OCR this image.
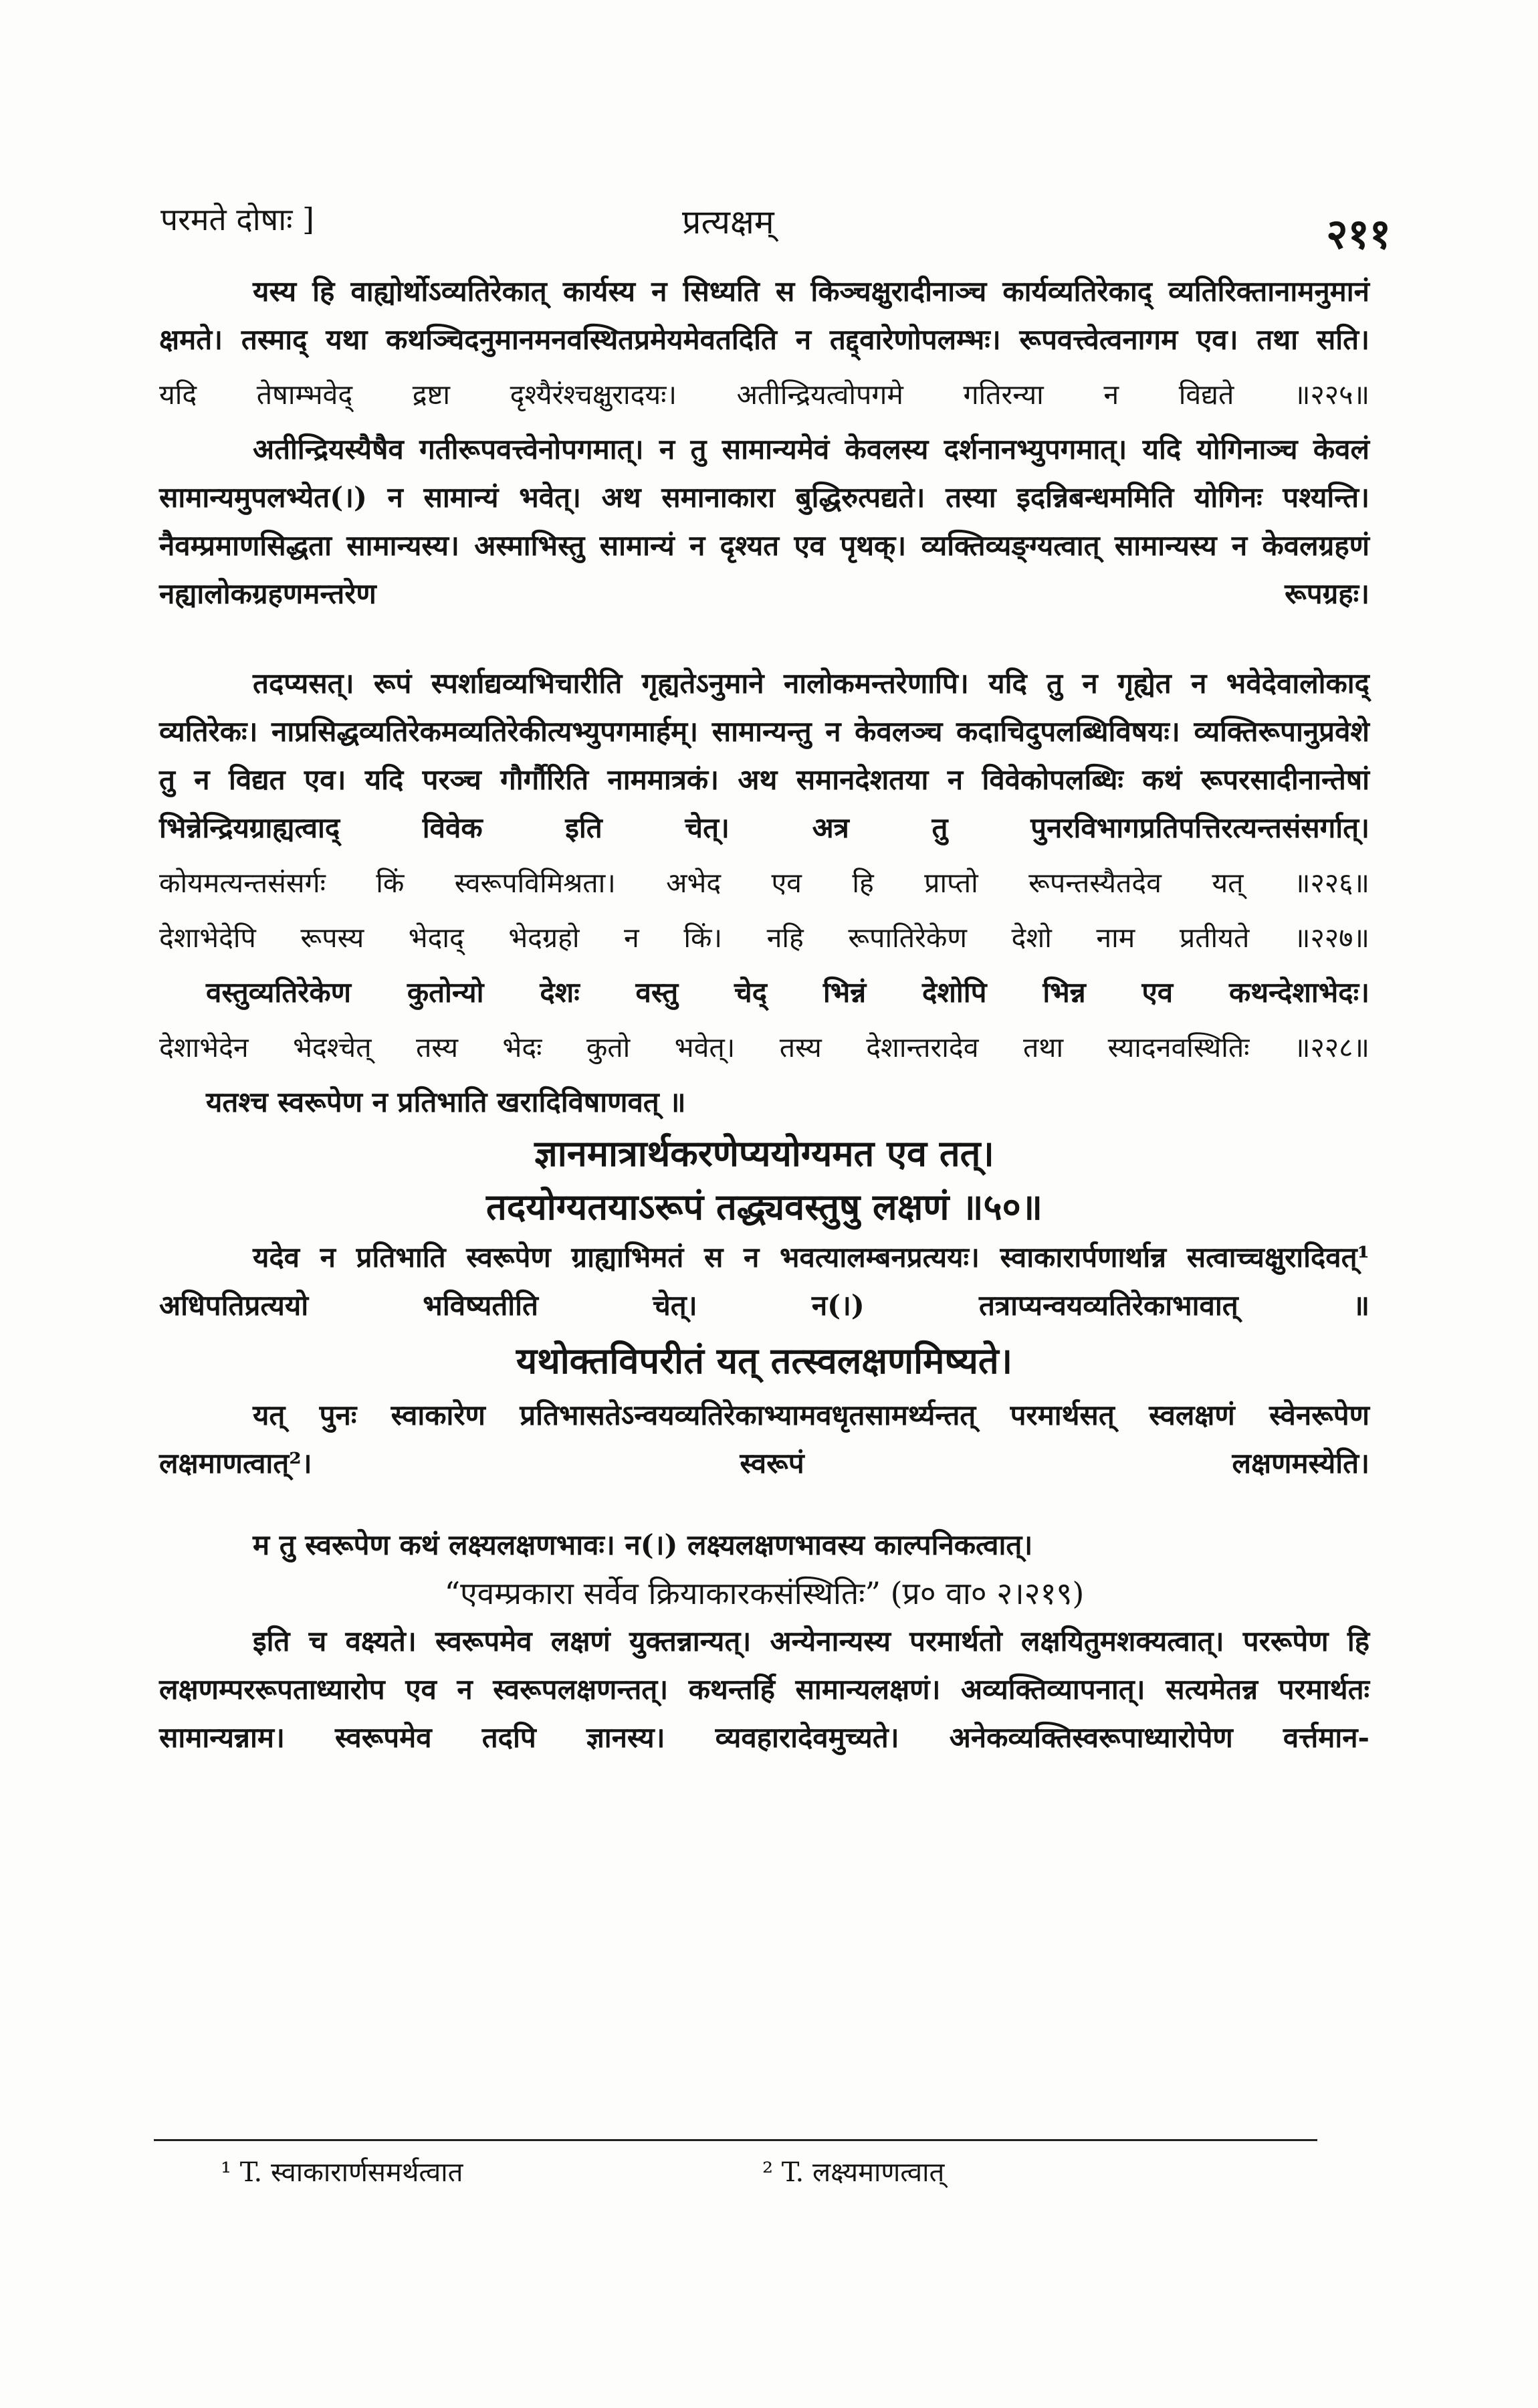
परमते दोषाः ]	प्रत्यक्षम्	२११

यस्य हि वाह्योर्थोऽव्यतिरेकात् कार्यस्य न सिध्यति स किञ्चक्षुरादीनाञ्च कार्यव्यतिरेकाद् व्यतिरिक्तानामनुमानं क्षमते। तस्माद् यथा कथञ्चिदनुमानमनवस्थितप्रमेयमेवतदिति न तद्द्वारेणोपलम्भः। रूपवत्त्वेत्वनागम एव। तथा सति।

यदि तेषाम्भवेद् द्रष्टा दृश्यैरंश्चक्षुरादयः। अतीन्द्रियत्वोपगमे गतिरन्या न विद्यते ॥२२५॥

अतीन्द्रियस्यैषैव गतीरूपवत्त्वेनोपगमात्। न तु सामान्यमेवं केवलस्य दर्शनानभ्युपगमात्। यदि योगिनाञ्च केवलं सामान्यमुपलभ्येत(।) न सामान्यं भवेत्। अथ समानाकारा बुद्धिरुत्पद्यते। तस्या इदन्निबन्धममिति योगिनः पश्यन्ति। नैवम्प्रमाणसिद्धता सामान्यस्य। अस्माभिस्तु सामान्यं न दृश्यत एव पृथक्। व्यक्तिव्यङ्ग्यत्वात् सामान्यस्य न केवलग्रहणं नह्यालोकग्रहणमन्तरेण रूपग्रहः।

तदप्यसत्। रूपं स्पर्शाद्यव्यभिचारीति गृह्यतेऽनुमाने नालोकमन्तरेणापि। यदि तु न गृह्येत न भवेदेवालोकाद् व्यतिरेकः। नाप्रसिद्धव्यतिरेकमव्यतिरेकीत्यभ्युपगमार्हम्। सामान्यन्तु न केवलञ्च कदाचिदुपलब्धिविषयः। व्यक्तिरूपानुप्रवेशे तु न विद्यत एव। यदि परञ्च गौर्गौरिति नाममात्रकं। अथ समानदेशतया न विवेकोपलब्धिः कथं रूपरसादीनान्तेषां भिन्नेन्द्रियग्राह्यत्वाद् विवेक इति चेत्। अत्र तु पुनरविभागप्रतिपत्तिरत्यन्तसंसर्गात्।

कोयमत्यन्तसंसर्गः किं स्वरूपविमिश्रता। अभेद एव हि प्राप्तो रूपन्तस्यैतदेव यत् ॥२२६॥

देशाभेदेपि रूपस्य भेदाद् भेदग्रहो न किं। नहि रूपातिरेकेण देशो नाम प्रतीयते ॥२२७॥

वस्तुव्यतिरेकेण कुतोन्यो देशः वस्तु चेद् भिन्नं देशोपि भिन्न एव कथन्देशाभेदः।

देशाभेदेन भेदश्चेत् तस्य भेदः कुतो भवेत्। तस्य देशान्तरादेव तथा स्यादनवस्थितिः ॥२२८॥

यतश्च स्वरूपेण न प्रतिभाति खरादिविषाणवत् ॥

ज्ञानमात्रार्थकरणेप्ययोग्यमत एव तत्।

तदयोग्यतयाऽरूपं तद्ध्यवस्तुषु लक्षणं ॥५०॥

यदेव न प्रतिभाति स्वरूपेण ग्राह्याभिमतं स न भवत्यालम्बनप्रत्ययः। स्वाकारार्पणार्थान्न सत्वाच्चक्षुरादिवत्¹ अधिपतिप्रत्ययो भविष्यतीति चेत्। न(।) तत्राप्यन्वयव्यतिरेकाभावात् ॥

यथोक्तविपरीतं यत् तत्स्वलक्षणमिष्यते।

यत् पुनः स्वाकारेण प्रतिभासतेऽन्वयव्यतिरेकाभ्यामवधृतसामर्थ्यन्तत् परमार्थसत् स्वलक्षणं स्वेनरूपेण लक्षमाणत्वात्²। स्वरूपं लक्षणमस्येति।

म तु स्वरूपेण कथं लक्ष्यलक्षणभावः। न(।) लक्ष्यलक्षणभावस्य काल्पनिकत्वात्।

“एवम्प्रकारा सर्वेव क्रियाकारकसंस्थितिः” (प्र० वा० २।२१९)

इति च वक्ष्यते। स्वरूपमेव लक्षणं युक्तन्नान्यत्। अन्येनान्यस्य परमार्थतो लक्षयितुमशक्यत्वात्। पररूपेण हि लक्षणम्पररूपताध्यारोप एव न स्वरूपलक्षणन्तत्। कथन्तर्हि सामान्यलक्षणं। अव्यक्तिव्यापनात्। सत्यमेतन्न परमार्थतः सामान्यन्नाम। स्वरूपमेव तदपि ज्ञानस्य। व्यवहारादेवमुच्यते। अनेकव्यक्तिस्वरूपाध्यारोपेण वर्त्तमान-

¹ T. स्वाकारार्णसमर्थत्वात	² T. लक्ष्यमाणत्वात्
